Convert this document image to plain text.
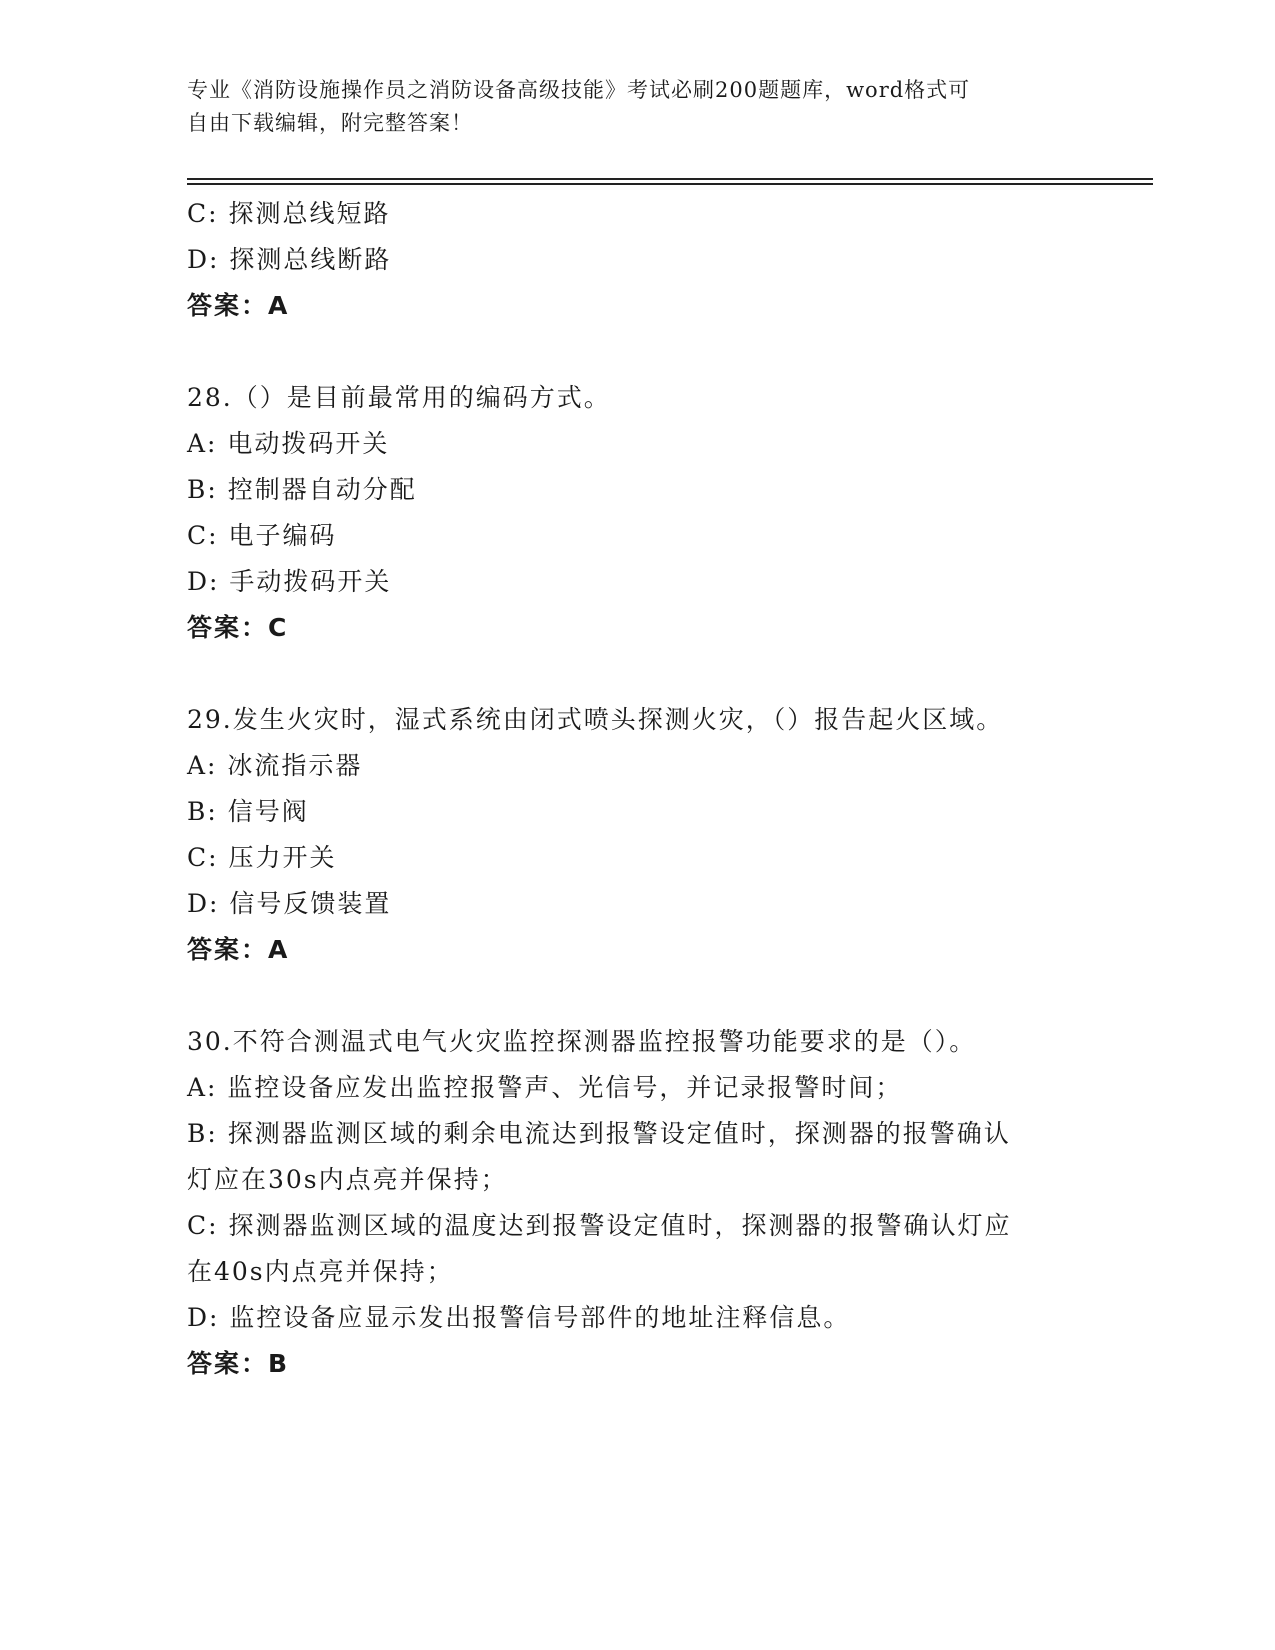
专业《消防设施操作员之消防设备高级技能》考试必刷200题题库，word格式可
自由下载编辑，附完整答案！
C: 探测总线短路
D: 探测总线断路
答案：A
28.（）是目前最常用的编码方式。
A: 电动拨码开关
B: 控制器自动分配
C: 电子编码
D: 手动拨码开关
答案：C
29.发生火灾时，湿式系统由闭式喷头探测火灾，（）报告起火区域。
A: 冰流指示器
B: 信号阀
C: 压力开关
D: 信号反馈装置
答案：A
30.不符合测温式电气火灾监控探测器监控报警功能要求的是（）。
A: 监控设备应发出监控报警声、光信号，并记录报警时间；
B: 探测器监测区域的剩余电流达到报警设定值时，探测器的报警确认
灯应在30s内点亮并保持；
C: 探测器监测区域的温度达到报警设定值时，探测器的报警确认灯应
在40s内点亮并保持；
D: 监控设备应显示发出报警信号部件的地址注释信息。
答案：B
